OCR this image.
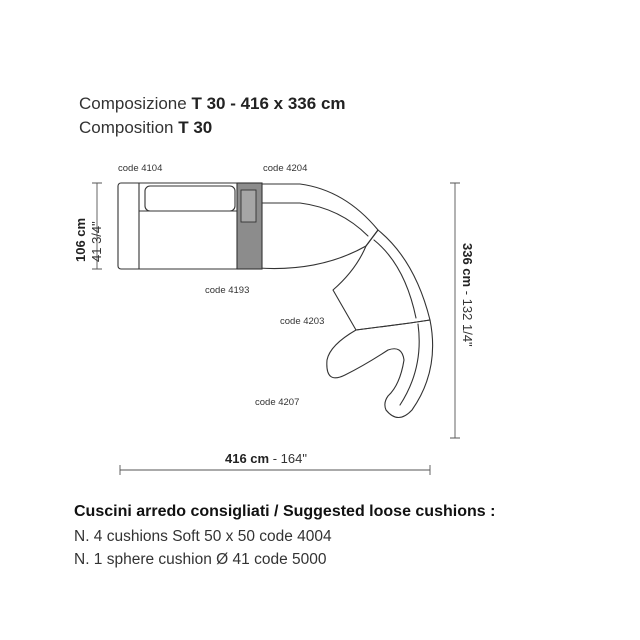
Composizione T 30 - 416 x 336 cm
Composition T 30
code 4104	code 4204
code 4193
code 4203
code 4207
106 cm 41 3/4"
336 cm - 132 1/4"
416 cm - 164"
Cuscini arredo consigliati / Suggested loose cushions :
N. 4 cushions Soft 50 x 50 code 4004
N. 1 sphere cushion Ø 41 code 5000
